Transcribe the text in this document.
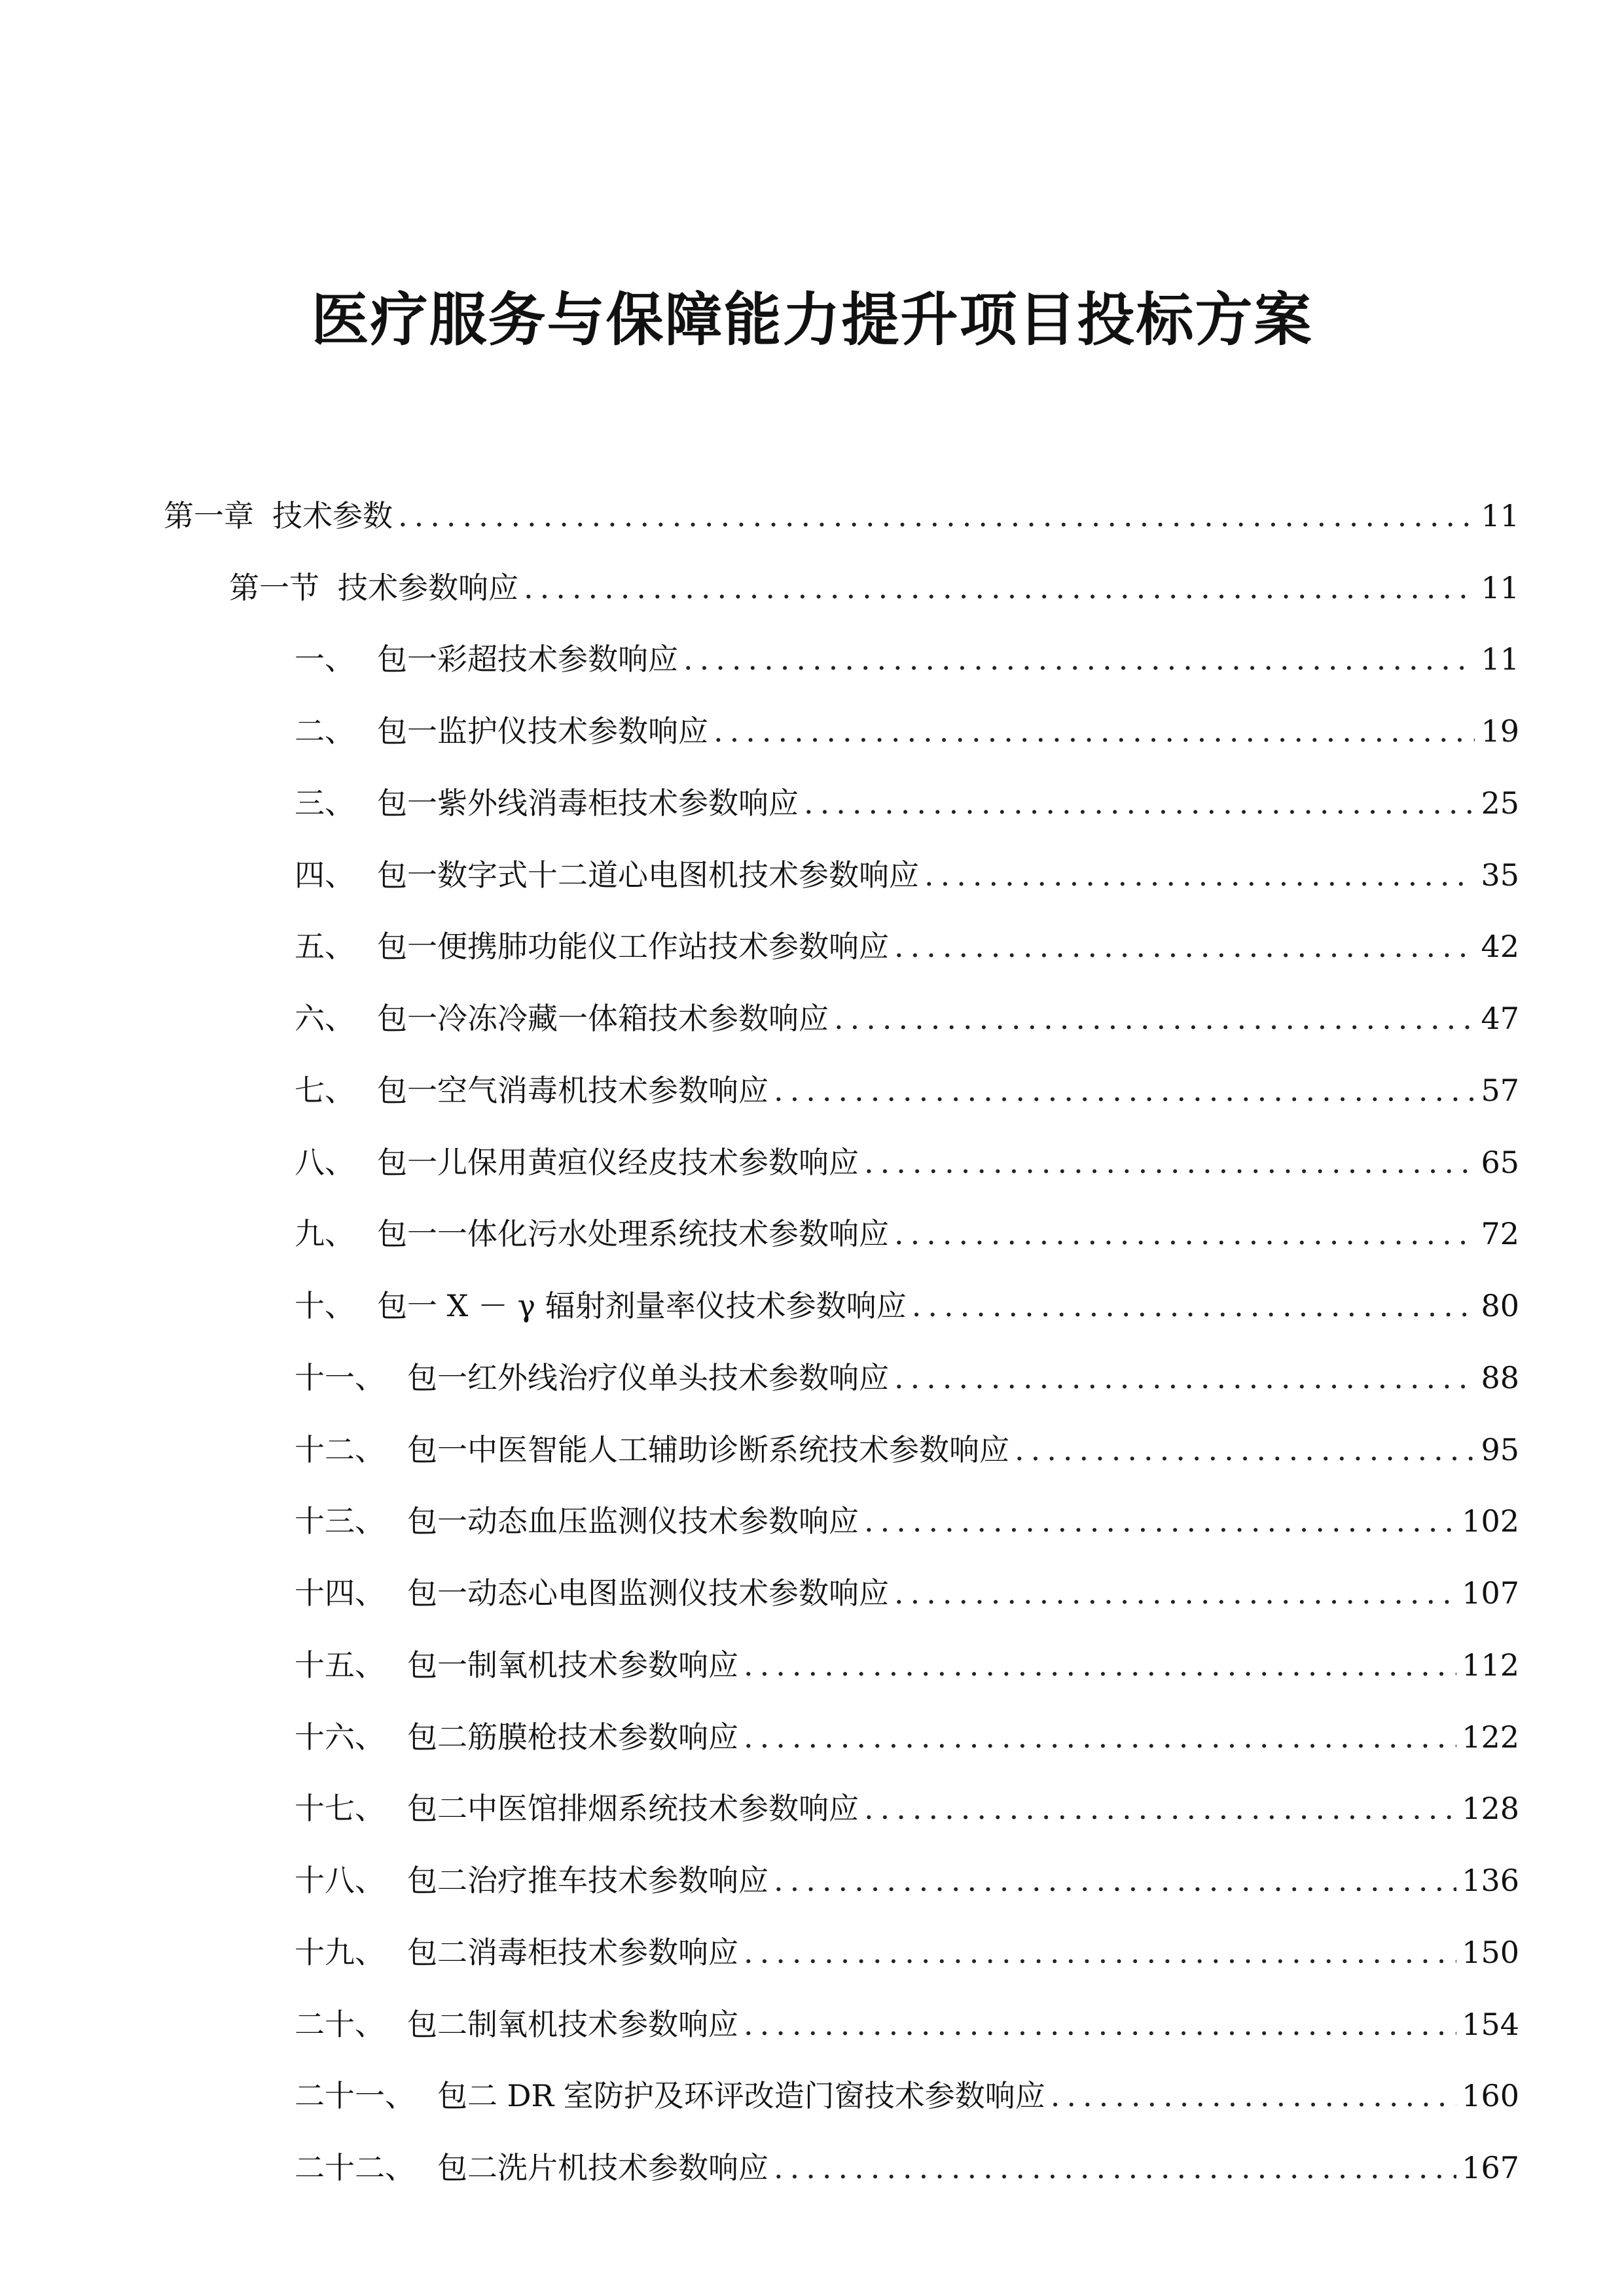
医疗服务与保障能力提升项目投标方案
第一章 技术参数 .....	11
第一节 技术参数响应 .....	11
一、 包一彩超技术参数响应 .....	11
二、 包一监护仪技术参数响应 .....	19
三、 包一紫外线消毒柜技术参数响应 .....	25
四、 包一数字式十二道心电图机技术参数响应 .....	35
五、 包一便携肺功能仪工作站技术参数响应 .....	42
六、 包一冷冻冷藏一体箱技术参数响应 .....	47
七、 包一空气消毒机技术参数响应 .....	57
八、 包一儿保用黄疸仪经皮技术参数响应 .....	65
九、 包一一体化污水处理系统技术参数响应 .....	72
十、 包一 X － γ 辐射剂量率仪技术参数响应 .....	80
十一、 包一红外线治疗仪单头技术参数响应 .....	88
十二、 包一中医智能人工辅助诊断系统技术参数响应 .....	95
十三、 包一动态血压监测仪技术参数响应 .....	102
十四、 包一动态心电图监测仪技术参数响应 .....	107
十五、 包一制氧机技术参数响应 .....	112
十六、 包二筋膜枪技术参数响应 .....	122
十七、 包二中医馆排烟系统技术参数响应 .....	128
十八、 包二治疗推车技术参数响应 .....	136
十九、 包二消毒柜技术参数响应 .....	150
二十、 包二制氧机技术参数响应 .....	154
二十一、 包二 DR 室防护及环评改造门窗技术参数响应 .....	160
二十二、 包二洗片机技术参数响应 .....	167
